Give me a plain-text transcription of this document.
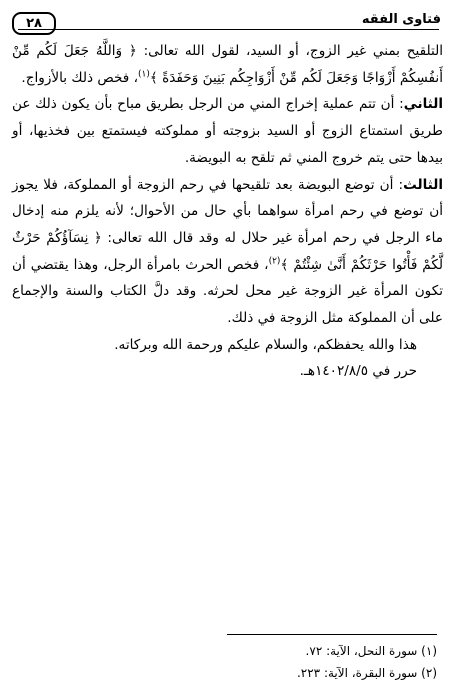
فتاوى الفقه
٢٨

التلقيح بمني غير الزوج، أو السيد، لقول الله تعالى: ﴿ وَاللَّهُ جَعَلَ لَكُم مِّنْ أَنفُسِكُمْ أَزْوَاجًا وَجَعَلَ لَكُم مِّنْ أَزْوَاجِكُم بَنِينَ وَحَفَدَةً ﴾$^{(١)}$، فخص ذلك بالأزواج.

الثاني: أن تتم عملية إخراج المني من الرجل بطريق مباح بأن يكون ذلك عن طريق استمتاع الزوج أو السيد بزوجته أو مملوكته فيستمتع بين فخذيها، أو بيدها حتى يتم خروج المني ثم تلقح به البويضة.

الثالث: أن توضع البويضة بعد تلقيحها في رحم الزوجة أو المملوكة، فلا يجوز أن توضع في رحم امرأة سواهما بأي حال من الأحوال؛ لأنه يلزم منه إدخال ماء الرجل في رحم امرأة غير حلال له وقد قال الله تعالى: ﴿ نِسَآؤُكُمْ حَرْثٌ لَّكُمْ فَأْتُوا حَرْثَكُمْ أَنَّىٰ شِئْتُمْ ﴾$^{(٢)}$، فخص الحرث بامرأة الرجل، وهذا يقتضي أن تكون المرأة غير الزوجة غير محل لحرثه. وقد دلَّ الكتاب والسنة والإجماع على أن المملوكة مثل الزوجة في ذلك.

هذا والله يحفظكم، والسلام عليكم ورحمة الله وبركاته.

حرر في ١٤٠٢/٨/٥هـ.

(١) سورة النحل، الآية: ٧٢.
(٢) سورة البقرة، الآية: ٢٢٣.
